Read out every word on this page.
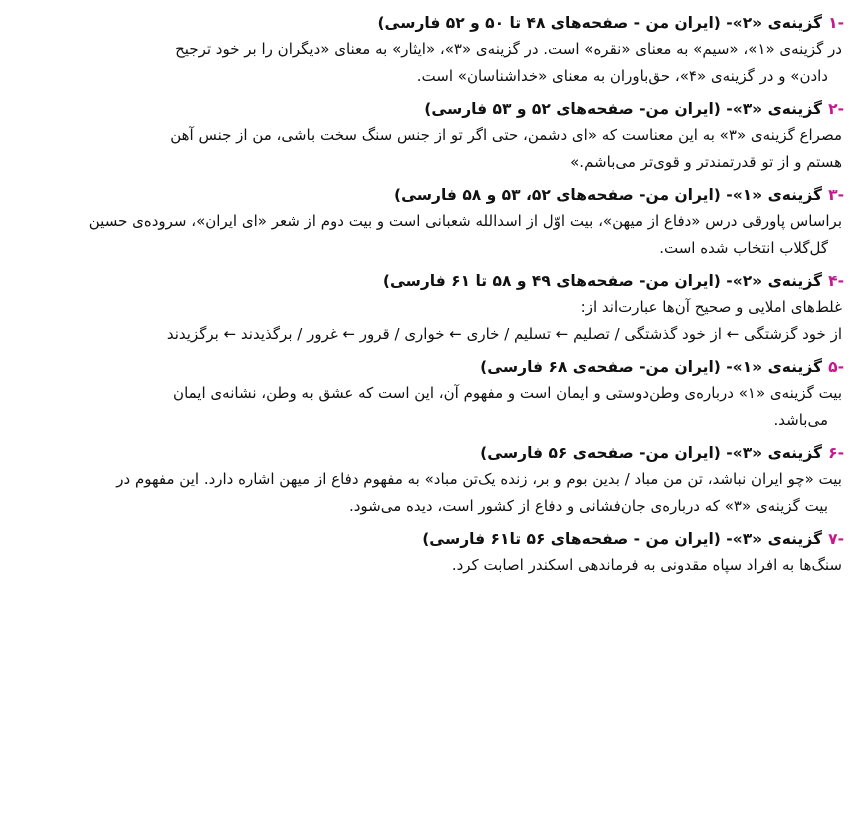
-۱
گزینه‌ی «۲»- (ایران من - صفحه‌های ۴۸ تا ۵۰ و ۵۲ فارسی)
در گزینه‌ی «۱»، «سیم» به معنای «نقره» است. در گزینه‌ی «۳»، «ایثار» به معنای «دیگران را بر خود ترجیح
دادن» و در گزینه‌ی «۴»، حق‌باوران به معنای «خداشناسان» است.
-۲
گزینه‌ی «۳»- (ایران من- صفحه‌های ۵۲ و ۵۳ فارسی)
مصراع گزینه‌ی «۳» به این معناست که «ای دشمن، حتی اگر تو از جنس سنگ سخت باشی، من از جنس آهن
هستم و از تو قدرتمندتر و قوی‌تر می‌باشم.»
-۳
گزینه‌ی «۱»- (ایران من- صفحه‌های ۵۲، ۵۳ و ۵۸ فارسی)
براساس پاورقی درس «دفاع از میهن»، بیت اوّل از اسدالله شعبانی است و بیت دوم از شعر «ای ایران»، سروده‌ی حسین
گل‌گلاب انتخاب شده است.
-۴
گزینه‌ی «۲»- (ایران من- صفحه‌های ۴۹ و ۵۸ تا ۶۱ فارسی)
غلط‌های املایی و صحیح آن‌ها عبارت‌اند از:
از خود گزشتگی ← از خود گذشتگی / تصلیم ← تسلیم / خاری ← خواری / قرور ← غرور / برگذیدند ← برگزیدند
-۵
گزینه‌ی «۱»- (ایران من- صفحه‌ی ۶۸ فارسی)
بیت گزینه‌ی «۱» درباره‌ی وطن‌دوستی و ایمان است و مفهوم آن، این است که عشق به وطن، نشانه‌ی ایمان
می‌باشد.
-۶
گزینه‌ی «۳»- (ایران من- صفحه‌ی ۵۶ فارسی)
بیت «چو ایران نباشد، تن من مباد / بدین بوم و بر، زنده یک‌تن مباد» به مفهوم دفاع از میهن اشاره دارد. این مفهوم در
بیت گزینه‌ی «۳» که درباره‌ی جان‌فشانی و دفاع از کشور است، دیده می‌شود.
-۷
گزینه‌ی «۳»- (ایران من - صفحه‌های ۵۶ تا۶۱ فارسی)
سنگ‌ها به افراد سپاه مقدونی به فرماندهی اسکندر اصابت کرد.
